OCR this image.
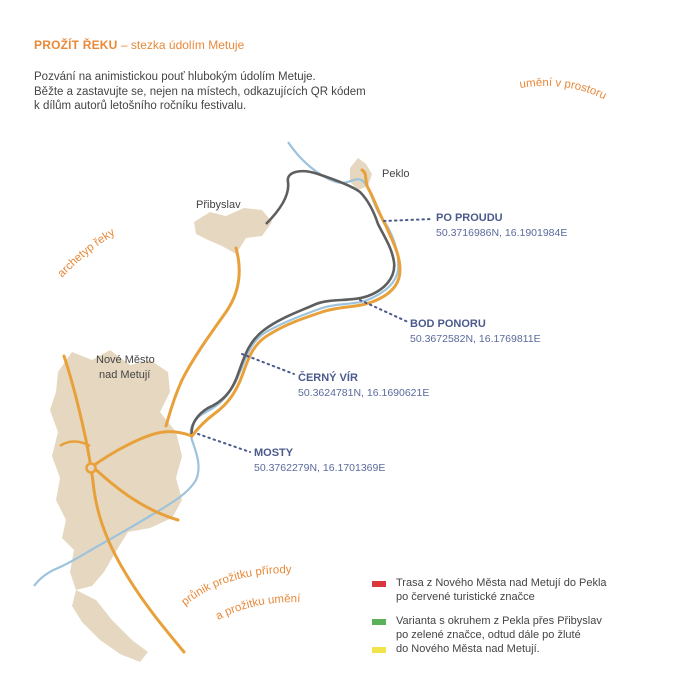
PROŽÍT ŘEKU – stezka údolím Metuje
Pozvání na animistickou pouť hlubokým údolím Metuje.
Běžte a zastavujte se, nejen na místech, odkazujících QR kódem
k dílům autorů letošního ročníku festivalu.
Peklo
Přibyslav
Nové Město
nad Metují
PO PROUDU
50.3716986N, 16.1901984E
BOD PONORU
50.3672582N, 16.1769811E
ČERNÝ VÍR
50.3624781N, 16.1690621E
MOSTY
50.3762279N, 16.1701369E
umění v prostoru
archetyp řeky
průnik prožitku přírody
a prožitku umění
Trasa z Nového Města nad Metují do Pekla
po červené turistické značce
Varianta s okruhem z Pekla přes Přibyslav
po zelené značce, odtud dále po žluté
do Nového Města nad Metují.
